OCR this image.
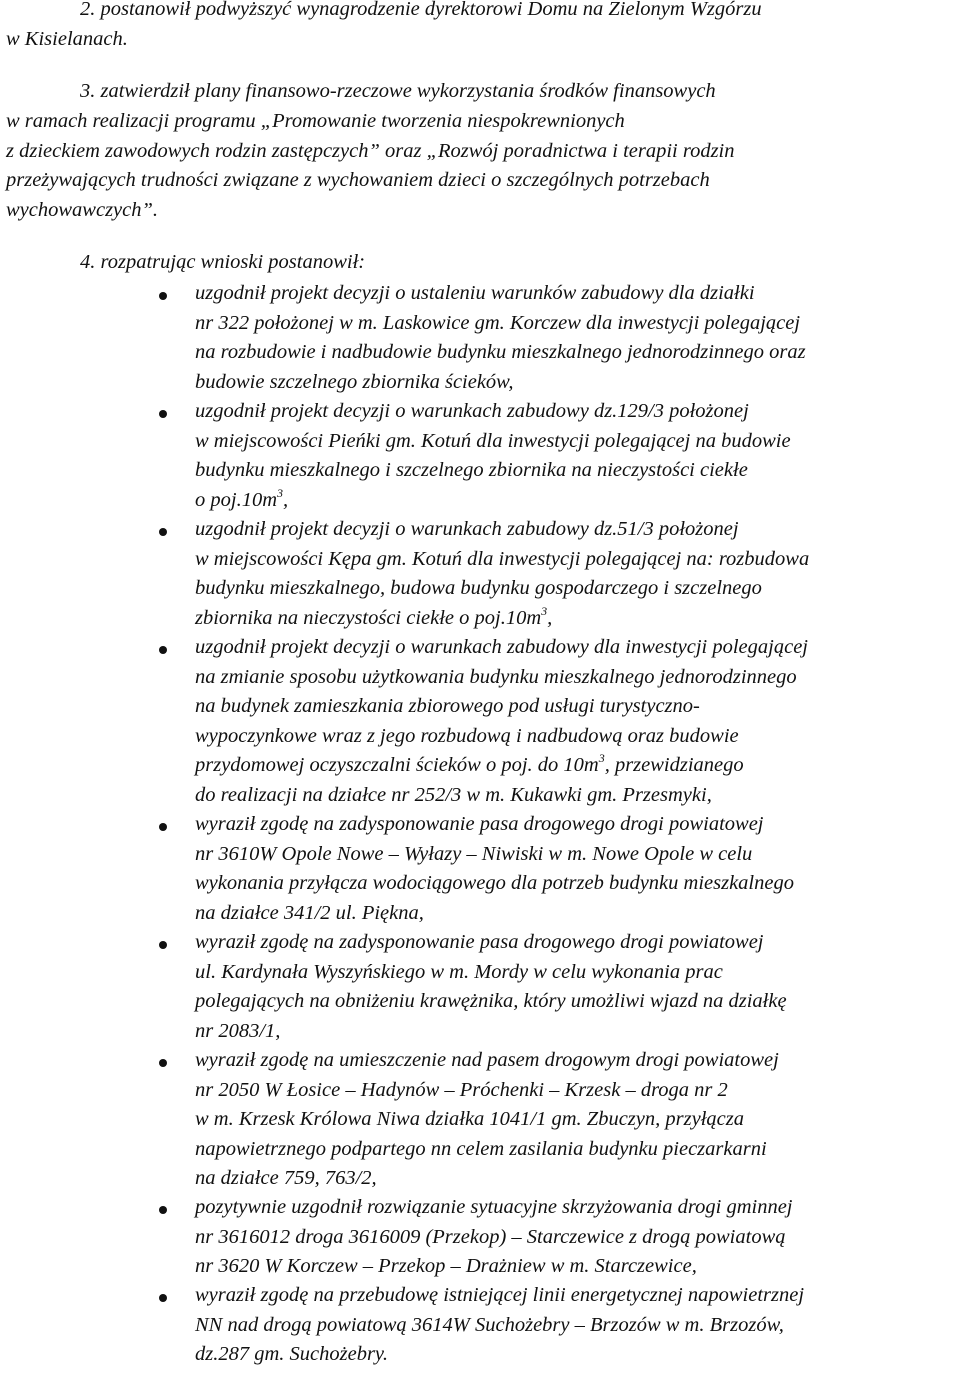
2. postanowił podwyższyć wynagrodzenie dyrektorowi Domu na Zielonym Wzgórzu
w Kisielanach.
3. zatwierdził plany finansowo-rzeczowe wykorzystania środków finansowych
w ramach realizacji programu „Promowanie tworzenia niespokrewnionych
z dzieckiem zawodowych rodzin zastępczych” oraz „Rozwój poradnictwa i terapii rodzin
przeżywających trudności związane z wychowaniem dzieci o szczególnych potrzebach
wychowawczych”.
4. rozpatrując wnioski postanowił:
uzgodnił projekt decyzji o ustaleniu warunków zabudowy dla działki
nr 322 położonej w m. Laskowice gm. Korczew dla inwestycji polegającej
na rozbudowie i nadbudowie budynku mieszkalnego jednorodzinnego oraz
budowie szczelnego zbiornika ścieków,
uzgodnił projekt decyzji o warunkach zabudowy dz.129/3 położonej
w miejscowości Pieńki gm. Kotuń dla inwestycji polegającej na budowie
budynku mieszkalnego i szczelnego zbiornika na nieczystości ciekłe
o $poj.10m^3$,
uzgodnił projekt decyzji o warunkach zabudowy dz.51/3 położonej
w miejscowości Kępa gm. Kotuń dla inwestycji polegającej na: rozbudowa
budynku mieszkalnego, budowa budynku gospodarczego i szczelnego
zbiornika na nieczystości ciekłe o $poj.10m^3$,
uzgodnił projekt decyzji o warunkach zabudowy dla inwestycji polegającej
na zmianie sposobu użytkowania budynku mieszkalnego jednorodzinnego
na budynek zamieszkania zbiorowego pod usługi turystyczno-
wypoczynkowe wraz z jego rozbudową i nadbudową oraz budowie
przydomowej oczyszczalni ścieków o poj. do $10m^3$, przewidzianego
do realizacji na działce nr 252/3 w m. Kukawki gm. Przesmyki,
wyraził zgodę na zadysponowanie pasa drogowego drogi powiatowej
nr 3610W Opole Nowe – Wyłazy – Niwiski w m. Nowe Opole w celu
wykonania przyłącza wodociągowego dla potrzeb budynku mieszkalnego
na działce 341/2 ul. Piękna,
wyraził zgodę na zadysponowanie pasa drogowego drogi powiatowej
ul. Kardynała Wyszyńskiego w m. Mordy w celu wykonania prac
polegających na obniżeniu krawężnika, który umożliwi wjazd na działkę
nr 2083/1,
wyraził zgodę na umieszczenie nad pasem drogowym drogi powiatowej
nr 2050 W Łosice – Hadynów – Próchenki – Krzesk – droga nr 2
w m. Krzesk Królowa Niwa działka 1041/1 gm. Zbuczyn, przyłącza
napowietrznego podpartego nn celem zasilania budynku pieczarkarni
na działce 759, 763/2,
pozytywnie uzgodnił rozwiązanie sytuacyjne skrzyżowania drogi gminnej
nr 3616012 droga 3616009 (Przekop) – Starczewice z drogą powiatową
nr 3620 W Korczew – Przekop – Drażniew w m. Starczewice,
wyraził zgodę na przebudowę istniejącej linii energetycznej napowietrznej
NN nad drogą powiatową 3614W Suchożebry – Brzozów w m. Brzozów,
dz.287 gm. Suchożebry.
